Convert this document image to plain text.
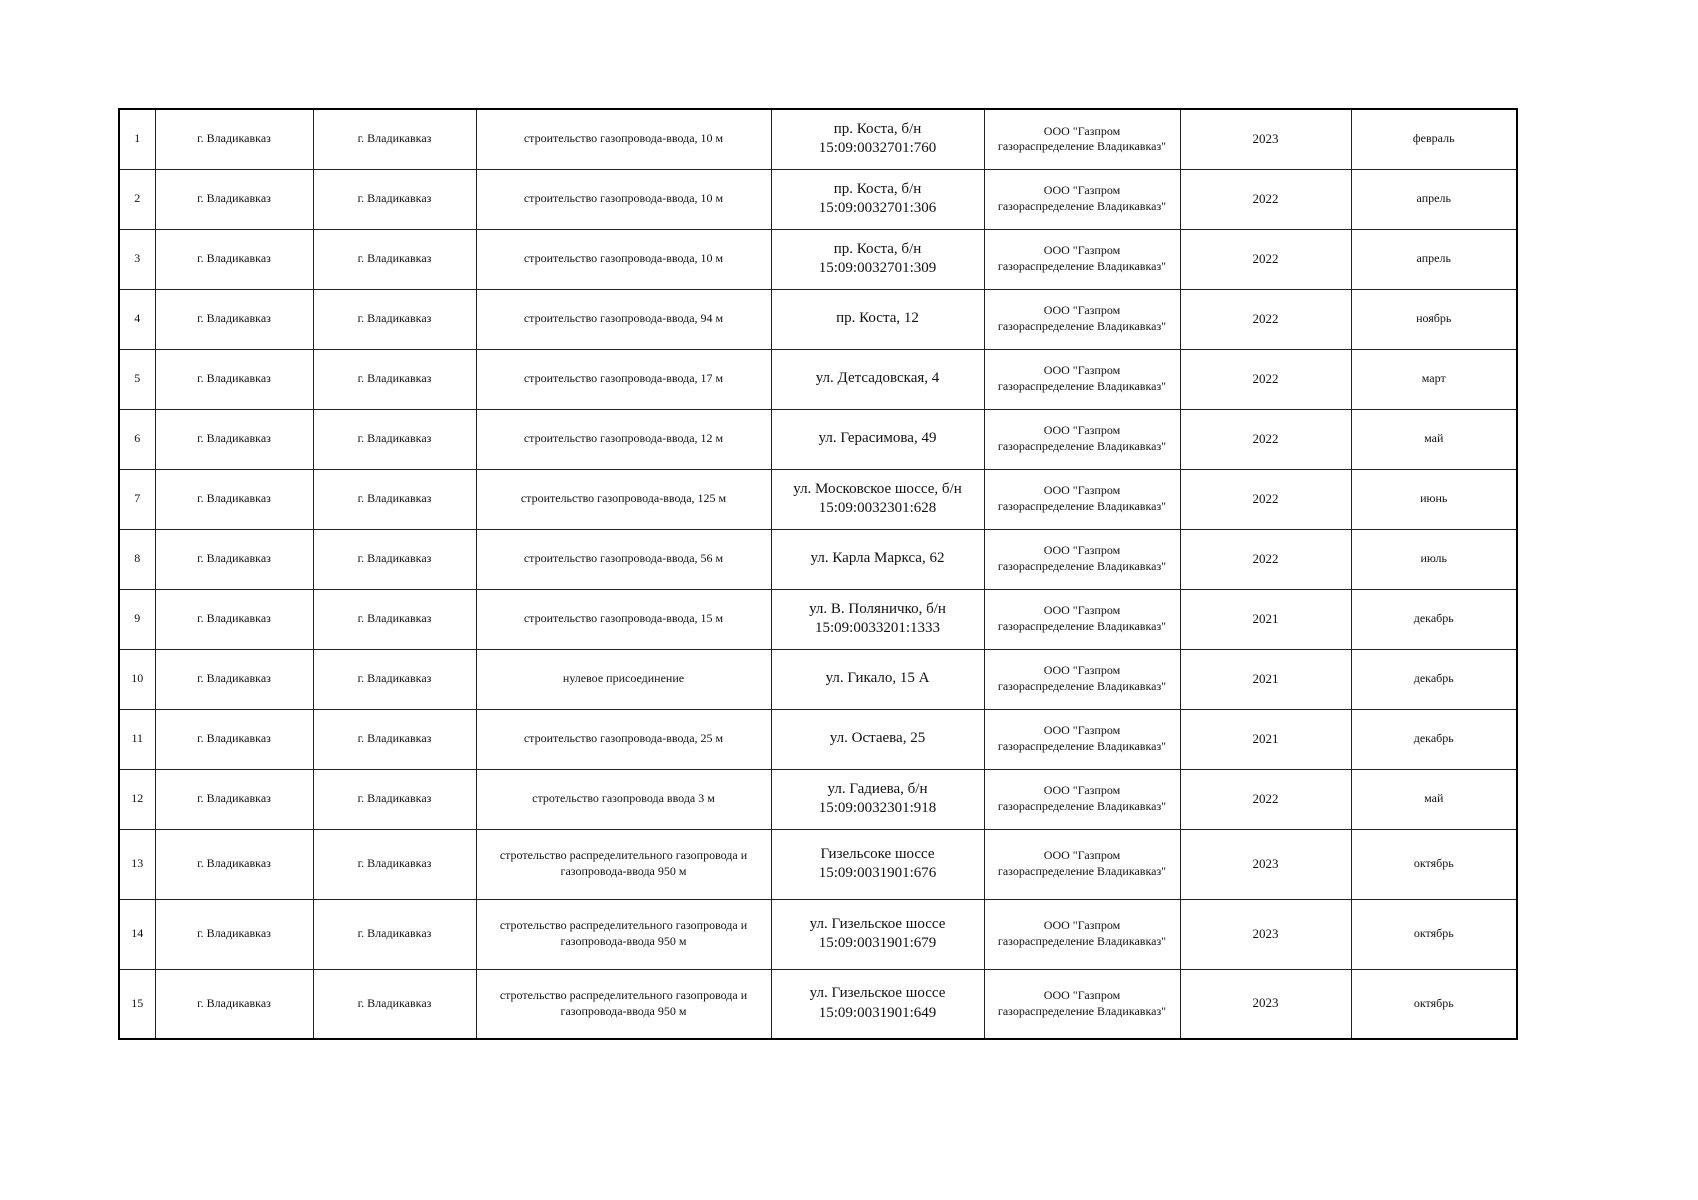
1	г. Владикавказ	г. Владикавказ	строительство газопровода-ввода, 10 м	пр. Коста, б/н
15:09:0032701:760	ООО "Газпром
газораспределение Владикавказ"	2023	февраль
2	г. Владикавказ	г. Владикавказ	строительство газопровода-ввода, 10 м	пр. Коста, б/н
15:09:0032701:306	ООО "Газпром
газораспределение Владикавказ"	2022	апрель
3	г. Владикавказ	г. Владикавказ	строительство газопровода-ввода, 10 м	пр. Коста, б/н
15:09:0032701:309	ООО "Газпром
газораспределение Владикавказ"	2022	апрель
4	г. Владикавказ	г. Владикавказ	строительство газопровода-ввода, 94 м	пр. Коста, 12	ООО "Газпром
газораспределение Владикавказ"	2022	ноябрь
5	г. Владикавказ	г. Владикавказ	строительство газопровода-ввода, 17 м	ул. Детсадовская, 4	ООО "Газпром
газораспределение Владикавказ"	2022	март
6	г. Владикавказ	г. Владикавказ	строительство газопровода-ввода, 12 м	ул. Герасимова, 49	ООО "Газпром
газораспределение Владикавказ"	2022	май
7	г. Владикавказ	г. Владикавказ	строительство газопровода-ввода, 125 м	ул. Московское шоссе, б/н
15:09:0032301:628	ООО "Газпром
газораспределение Владикавказ"	2022	июнь
8	г. Владикавказ	г. Владикавказ	строительство газопровода-ввода, 56 м	ул. Карла Маркса, 62	ООО "Газпром
газораспределение Владикавказ"	2022	июль
9	г. Владикавказ	г. Владикавказ	строительство газопровода-ввода, 15 м	ул. В. Поляничко, б/н
15:09:0033201:1333	ООО "Газпром
газораспределение Владикавказ"	2021	декабрь
10	г. Владикавказ	г. Владикавказ	нулевое присоединение	ул. Гикало, 15 А	ООО "Газпром
газораспределение Владикавказ"	2021	декабрь
11	г. Владикавказ	г. Владикавказ	строительство газопровода-ввода, 25 м	ул. Остаева, 25	ООО "Газпром
газораспределение Владикавказ"	2021	декабрь
12	г. Владикавказ	г. Владикавказ	стротельство газопровода ввода 3 м	ул. Гадиева, б/н
15:09:0032301:918	ООО "Газпром
газораспределение Владикавказ"	2022	май
13	г. Владикавказ	г. Владикавказ	стротельство распределительного газопровода и газопровода-ввода 950 м	Гизельсоке шоссе
15:09:0031901:676	ООО "Газпром
газораспределение Владикавказ"	2023	октябрь
14	г. Владикавказ	г. Владикавказ	стротельство распределительного газопровода и газопровода-ввода 950 м	ул. Гизельское шоссе
15:09:0031901:679	ООО "Газпром
газораспределение Владикавказ"	2023	октябрь
15	г. Владикавказ	г. Владикавказ	стротельство распределительного газопровода и газопровода-ввода 950 м	ул. Гизельское шоссе
15:09:0031901:649	ООО "Газпром
газораспределение Владикавказ"	2023	октябрь
